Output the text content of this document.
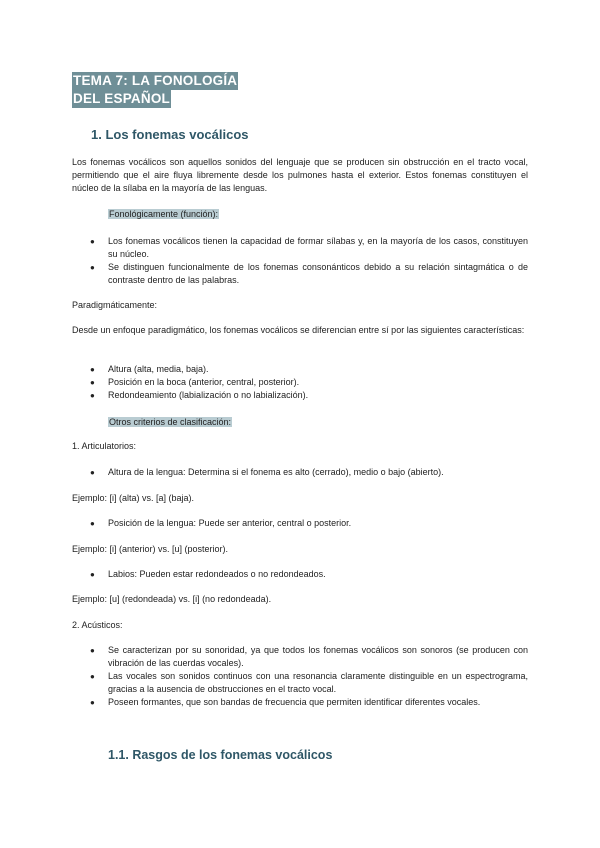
TEMA 7: LA FONOLOGÍA
DEL ESPAÑOL
1. Los fonemas vocálicos

Los fonemas vocálicos son aquellos sonidos del lenguaje que se producen sin obstrucción en el tracto vocal, permitiendo que el aire fluya libremente desde los pulmones hasta el exterior. Estos fonemas constituyen el núcleo de la sílaba en la mayoría de las lenguas.

Fonológicamente (función):
● Los fonemas vocálicos tienen la capacidad de formar sílabas y, en la mayoría de los casos, constituyen su núcleo.
● Se distinguen funcionalmente de los fonemas consonánticos debido a su relación sintagmática o de contraste dentro de las palabras.
Paradigmáticamente:

Desde un enfoque paradigmático, los fonemas vocálicos se diferencian entre sí por las siguientes características:

● Altura (alta, media, baja).
● Posición en la boca (anterior, central, posterior).
● Redondeamiento (labialización o no labialización).
Otros criterios de clasificación:
1. Articulatorios:
● Altura de la lengua: Determina si el fonema es alto (cerrado), medio o bajo (abierto).
Ejemplo: [i] (alta) vs. [a] (baja).
● Posición de la lengua: Puede ser anterior, central o posterior.
Ejemplo: [i] (anterior) vs. [u] (posterior).
● Labios: Pueden estar redondeados o no redondeados.
Ejemplo: [u] (redondeada) vs. [i] (no redondeada).
2. Acústicos:
● Se caracterizan por su sonoridad, ya que todos los fonemas vocálicos son sonoros (se producen con vibración de las cuerdas vocales).
● Las vocales son sonidos continuos con una resonancia claramente distinguible en un espectrograma, gracias a la ausencia de obstrucciones en el tracto vocal.
● Poseen formantes, que son bandas de frecuencia que permiten identificar diferentes vocales.
1.1. Rasgos de los fonemas vocálicos
